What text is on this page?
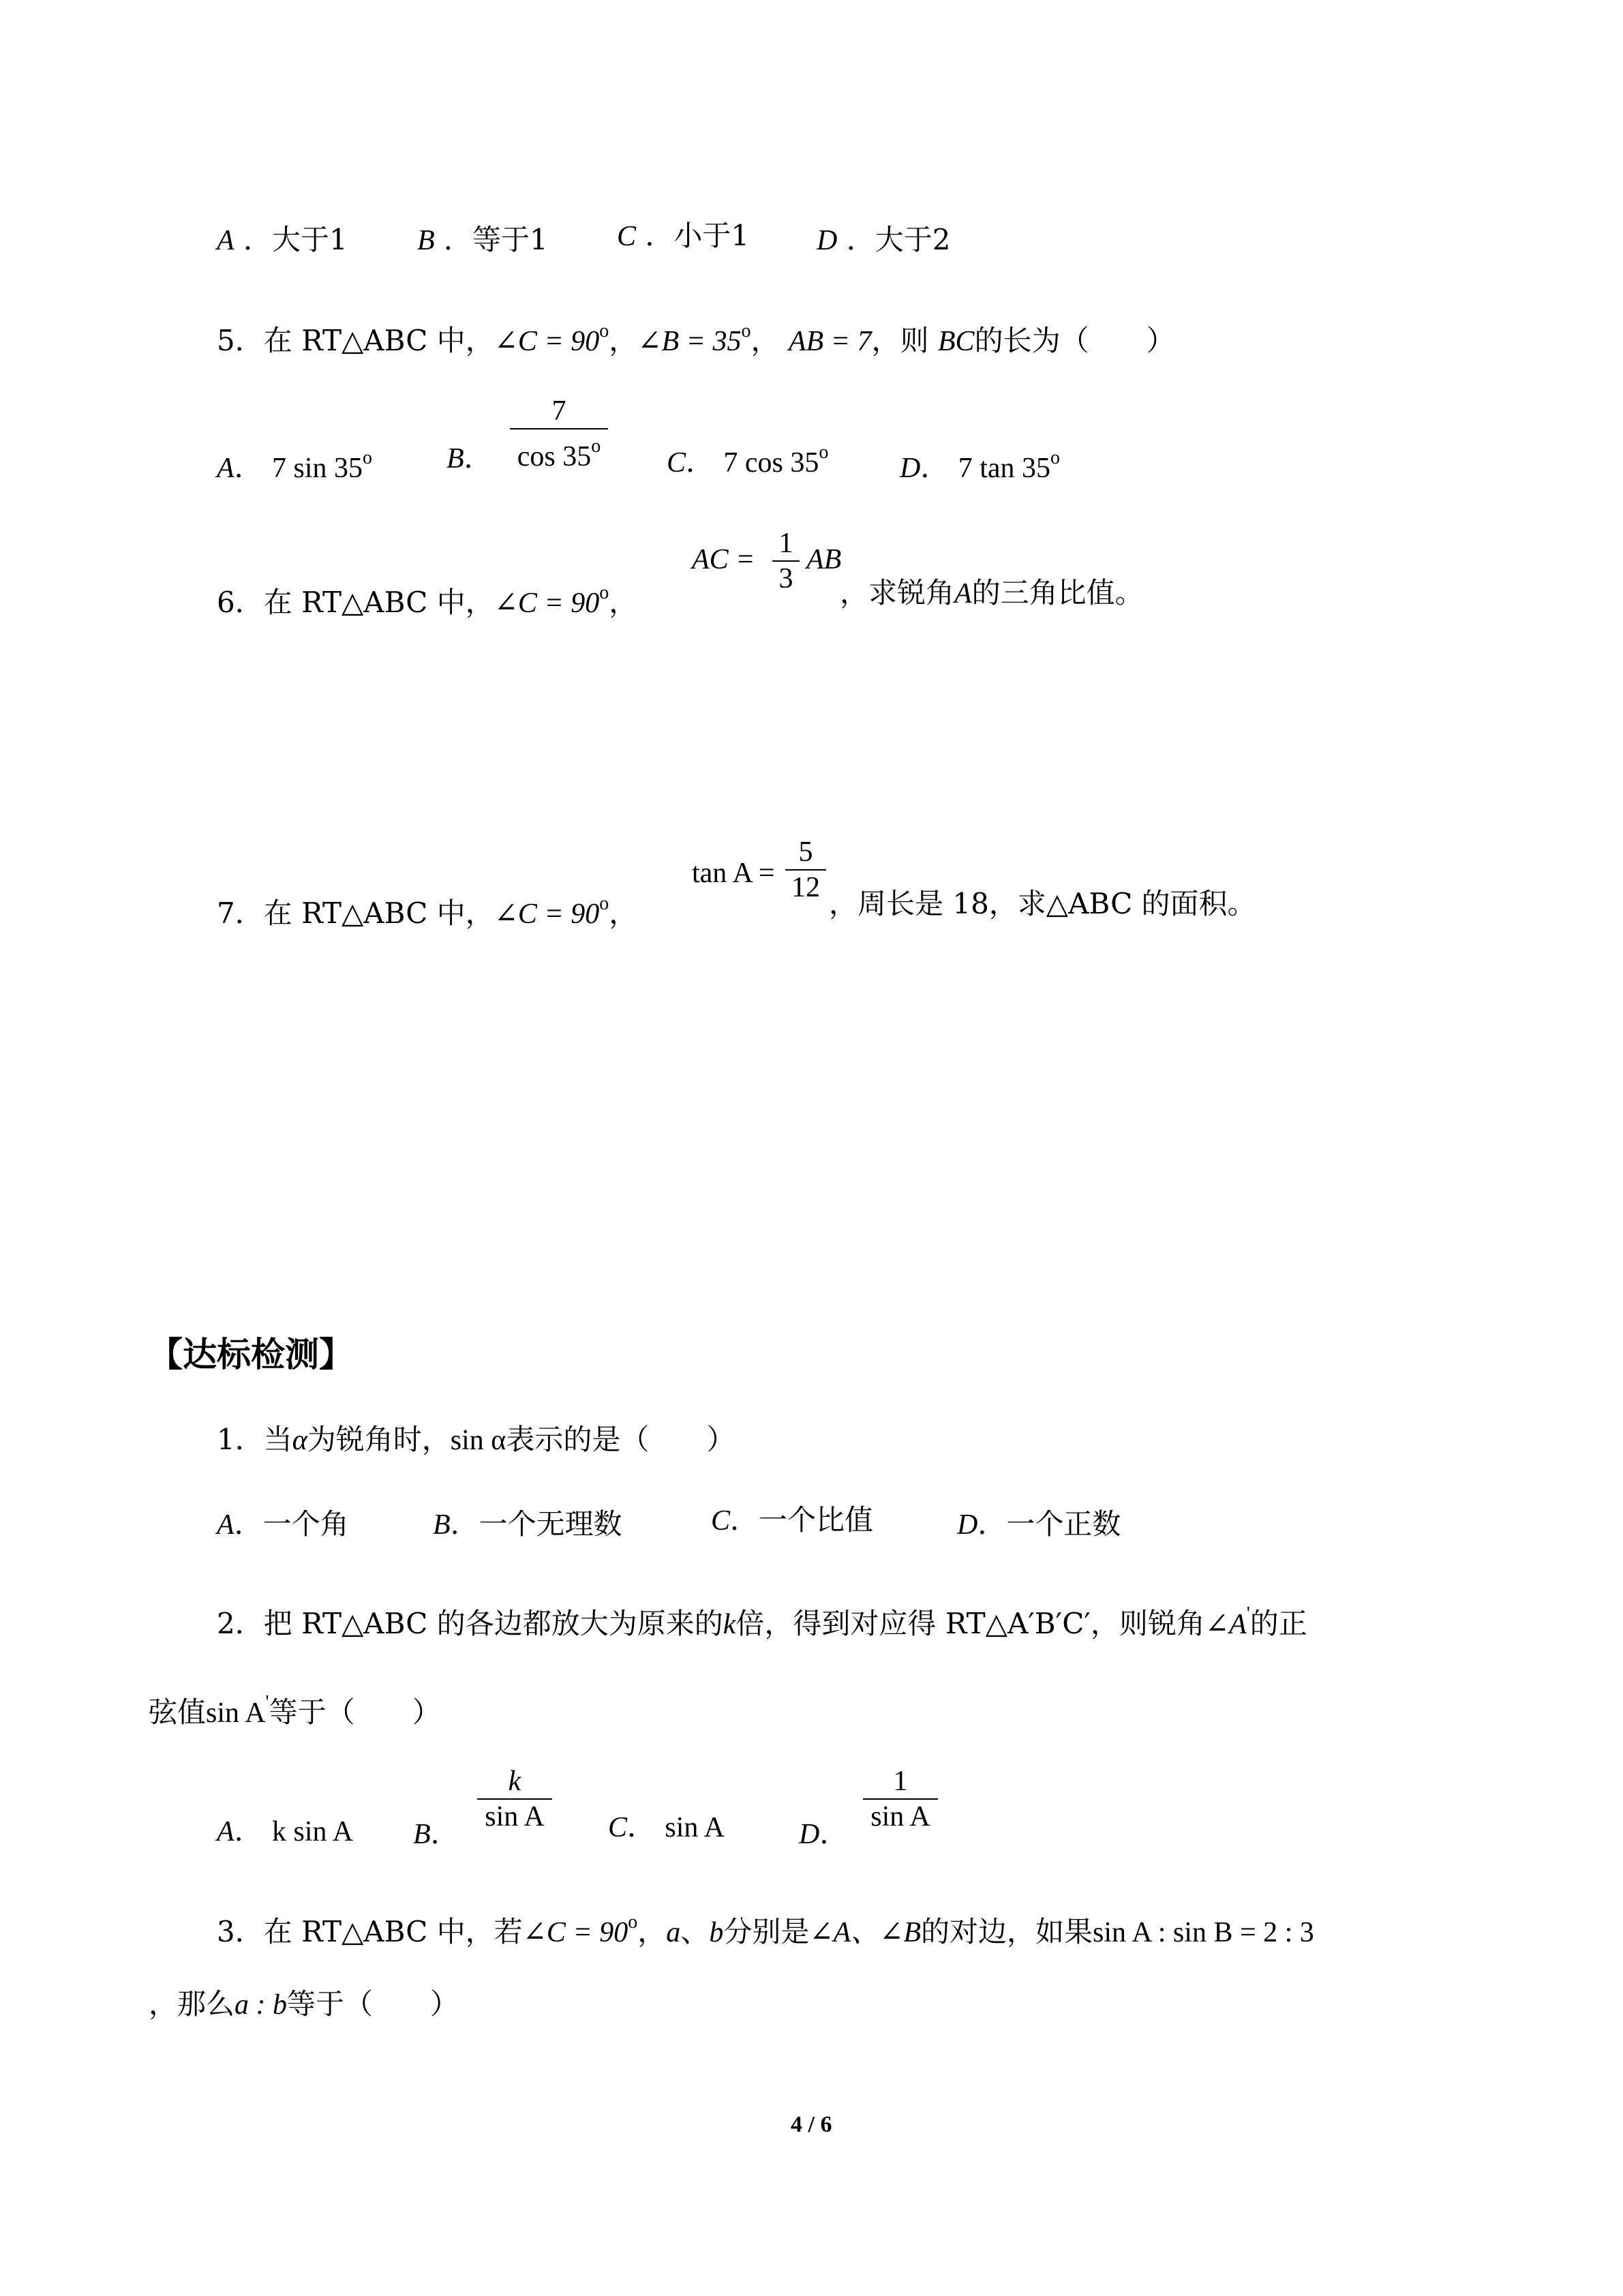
A ．大于1 B ．等于1 C ．小于1 D ．大于2
5．在 RT△ABC 中，∠C = $90^o$，∠B = $35^o$， AB = 7，则 BC的长为（　　）
A． 7 sin 35$^o$	B．
7
cos 35$^o$
C． 7 cos 35$^o$
D． 7 tan 35$^o$
6．在 RT△ABC 中，∠C = $90^o$，
AC =
1
3
AB
，求锐角A的三角比值。
7．在 RT△ABC 中，∠C = $90^o$，
tan A =
5
12 ，周长是 18，求△ABC 的面积。
【达标检测】
1．当α为锐角时，sin α表示的是（　　）
A．一个角	B．一个无理数	C．一个比值	D．一个正数
2．把 RT△ABC 的各边都放大为原来的k倍，得到对应得 RT△A′B′C′，则锐角∠A'的正
弦值sin A'等于（　　）
A． k sin A B．
k
sin A C． sin A	D．
1
sin A
3．在 RT△ABC 中，若∠C = $90^o$，a、b分别是∠A、∠B的对边，如果sin A : sin B = 2 : 3
，那么a : b等于（　　）
4 / 6
